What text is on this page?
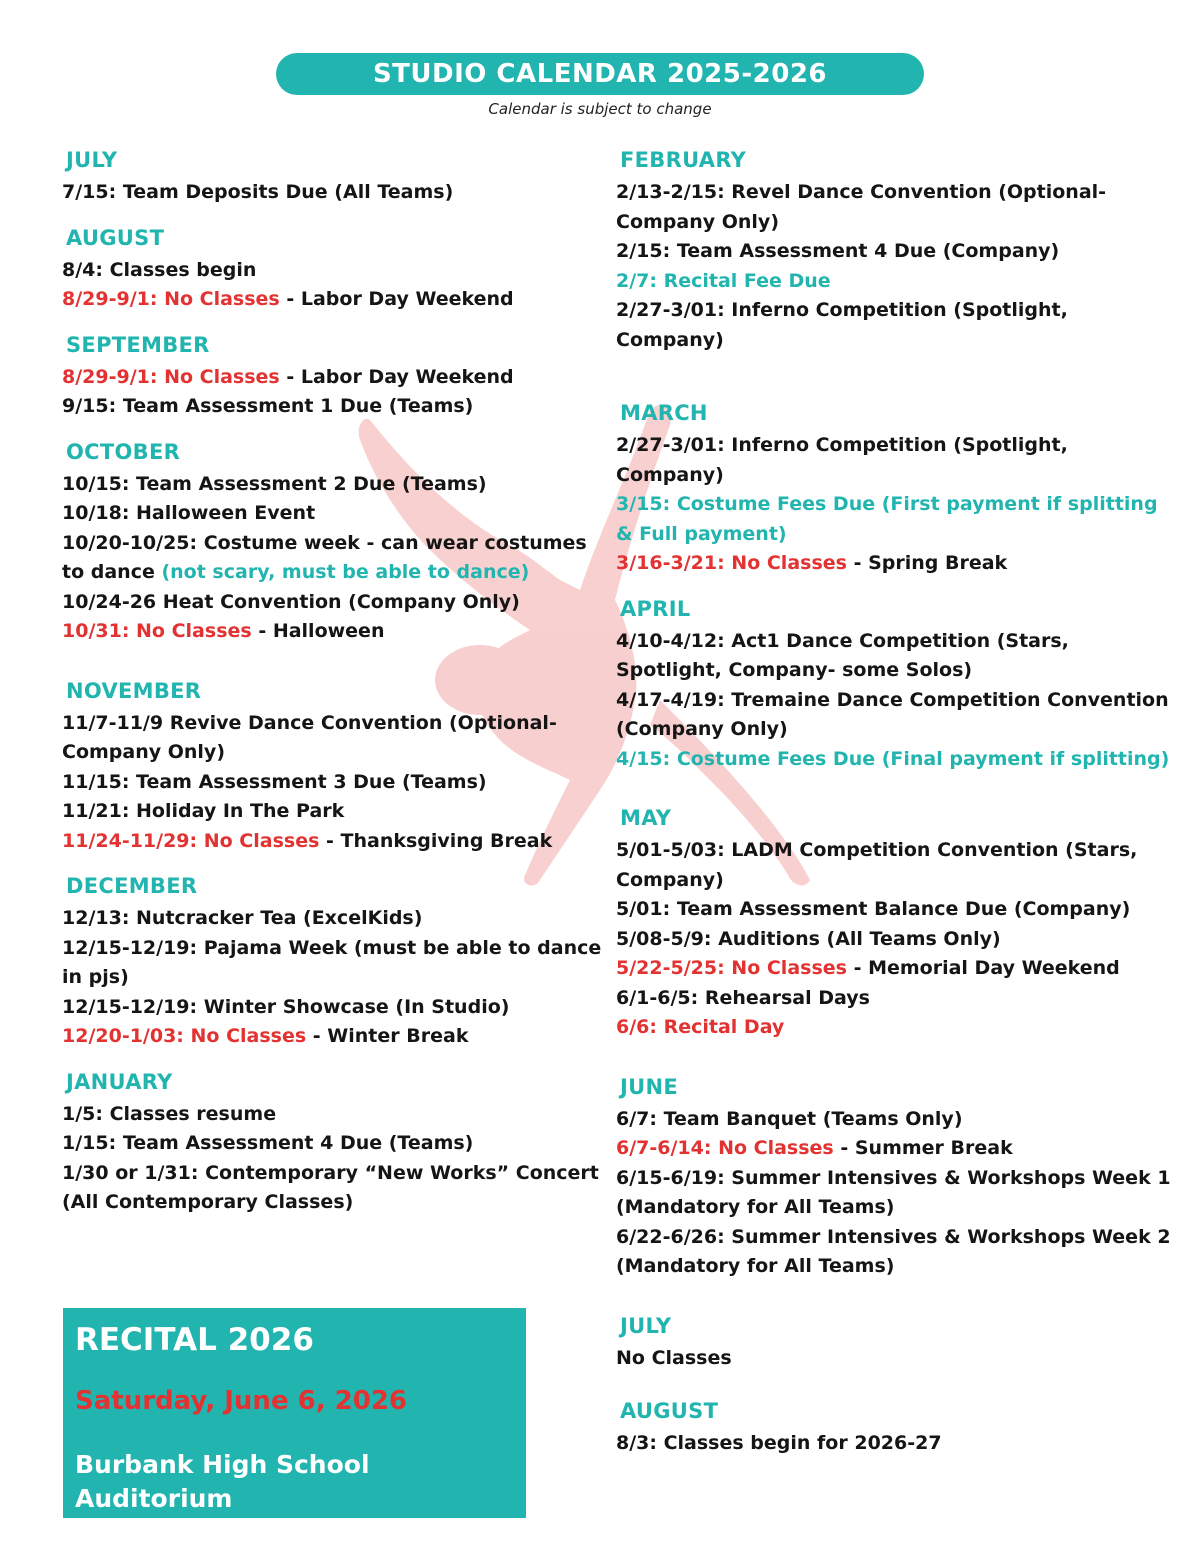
STUDIO CALENDAR 2025-2026
Calendar is subject to change
JULY
7/15: Team Deposits Due (All Teams)
AUGUST
8/4: Classes begin
8/29-9/1: No Classes - Labor Day Weekend
SEPTEMBER
8/29-9/1: No Classes - Labor Day Weekend
9/15: Team Assessment 1 Due (Teams)
OCTOBER
10/15: Team Assessment 2 Due (Teams)
10/18: Halloween Event
10/20-10/25: Costume week - can wear costumes to dance (not scary, must be able to dance)
10/24-26 Heat Convention (Company Only)
10/31: No Classes - Halloween
NOVEMBER
11/7-11/9 Revive Dance Convention (Optional-Company Only)
11/15: Team Assessment 3 Due (Teams)
11/21: Holiday In The Park
11/24-11/29: No Classes - Thanksgiving Break
DECEMBER
12/13: Nutcracker Tea (ExcelKids)
12/15-12/19: Pajama Week (must be able to dance in pjs)
12/15-12/19: Winter Showcase (In Studio)
12/20-1/03: No Classes - Winter Break
JANUARY
1/5: Classes resume
1/15: Team Assessment 4 Due (Teams)
1/30 or 1/31: Contemporary “New Works” Concert (All Contemporary Classes)
FEBRUARY
2/13-2/15: Revel Dance Convention (Optional-Company Only)
2/15: Team Assessment 4 Due (Company)
2/7: Recital Fee Due
2/27-3/01: Inferno Competition (Spotlight, Company)
MARCH
2/27-3/01: Inferno Competition (Spotlight, Company)
3/15: Costume Fees Due (First payment if splitting & Full payment)
3/16-3/21: No Classes - Spring Break
APRIL
4/10-4/12: Act1 Dance Competition (Stars, Spotlight, Company- some Solos)
4/17-4/19: Tremaine Dance Competition Convention (Company Only)
4/15: Costume Fees Due (Final payment if splitting)
MAY
5/01-5/03: LADM Competition Convention (Stars, Company)
5/01: Team Assessment Balance Due (Company)
5/08-5/9: Auditions (All Teams Only)
5/22-5/25: No Classes - Memorial Day Weekend
6/1-6/5: Rehearsal Days
6/6: Recital Day
JUNE
6/7: Team Banquet (Teams Only)
6/7-6/14: No Classes - Summer Break
6/15-6/19: Summer Intensives & Workshops Week 1 (Mandatory for All Teams)
6/22-6/26: Summer Intensives & Workshops Week 2 (Mandatory for All Teams)
JULY
No Classes
AUGUST
8/3: Classes begin for 2026-27
RECITAL 2026
Saturday, June 6, 2026
Burbank High School Auditorium
